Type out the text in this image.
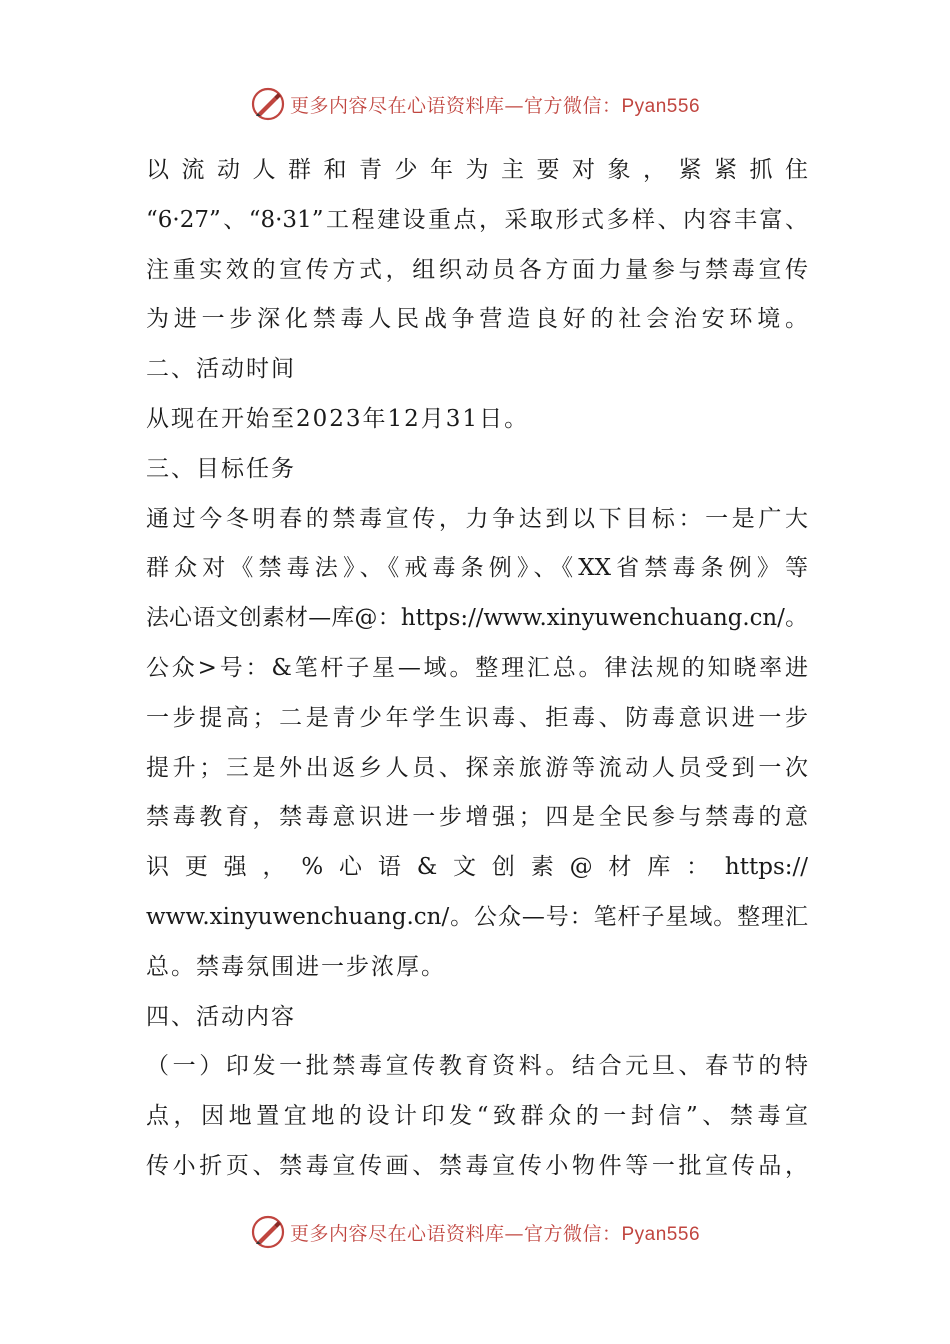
更多内容尽在心语资料库—官方微信：Pyan556
以流动人群和青少年为主要对象，紧紧抓住
“6·27”、“8·31”工程建设重点，采取形式多样、内容丰富、
注重实效的宣传方式，组织动员各方面力量参与禁毒宣传
为进一步深化禁毒人民战争营造良好的社会治安环境。
二、活动时间
从现在开始至2023年12月31日。
三、目标任务
通过今冬明春的禁毒宣传，力争达到以下目标：一是广大
群众对《禁毒法》、《戒毒条例》、《XX省禁毒条例》等
法心语文创素材—库@：https://www.xinyuwenchuang.cn/。
公众>号：&笔杆子星—域。整理汇总。律法规的知晓率进
一步提高；二是青少年学生识毒、拒毒、防毒意识进一步
提升；三是外出返乡人员、探亲旅游等流动人员受到一次
禁毒教育，禁毒意识进一步增强；四是全民参与禁毒的意
识更强，%心语&文创素@材库：https://
www.xinyuwenchuang.cn/。公众—号：笔杆子星域。整理汇
总。禁毒氛围进一步浓厚。
四、活动内容
（一）印发一批禁毒宣传教育资料。结合元旦、春节的特
点，因地置宜地的设计印发“致群众的一封信”、禁毒宣
传小折页、禁毒宣传画、禁毒宣传小物件等一批宣传品，
更多内容尽在心语资料库—官方微信：Pyan556
